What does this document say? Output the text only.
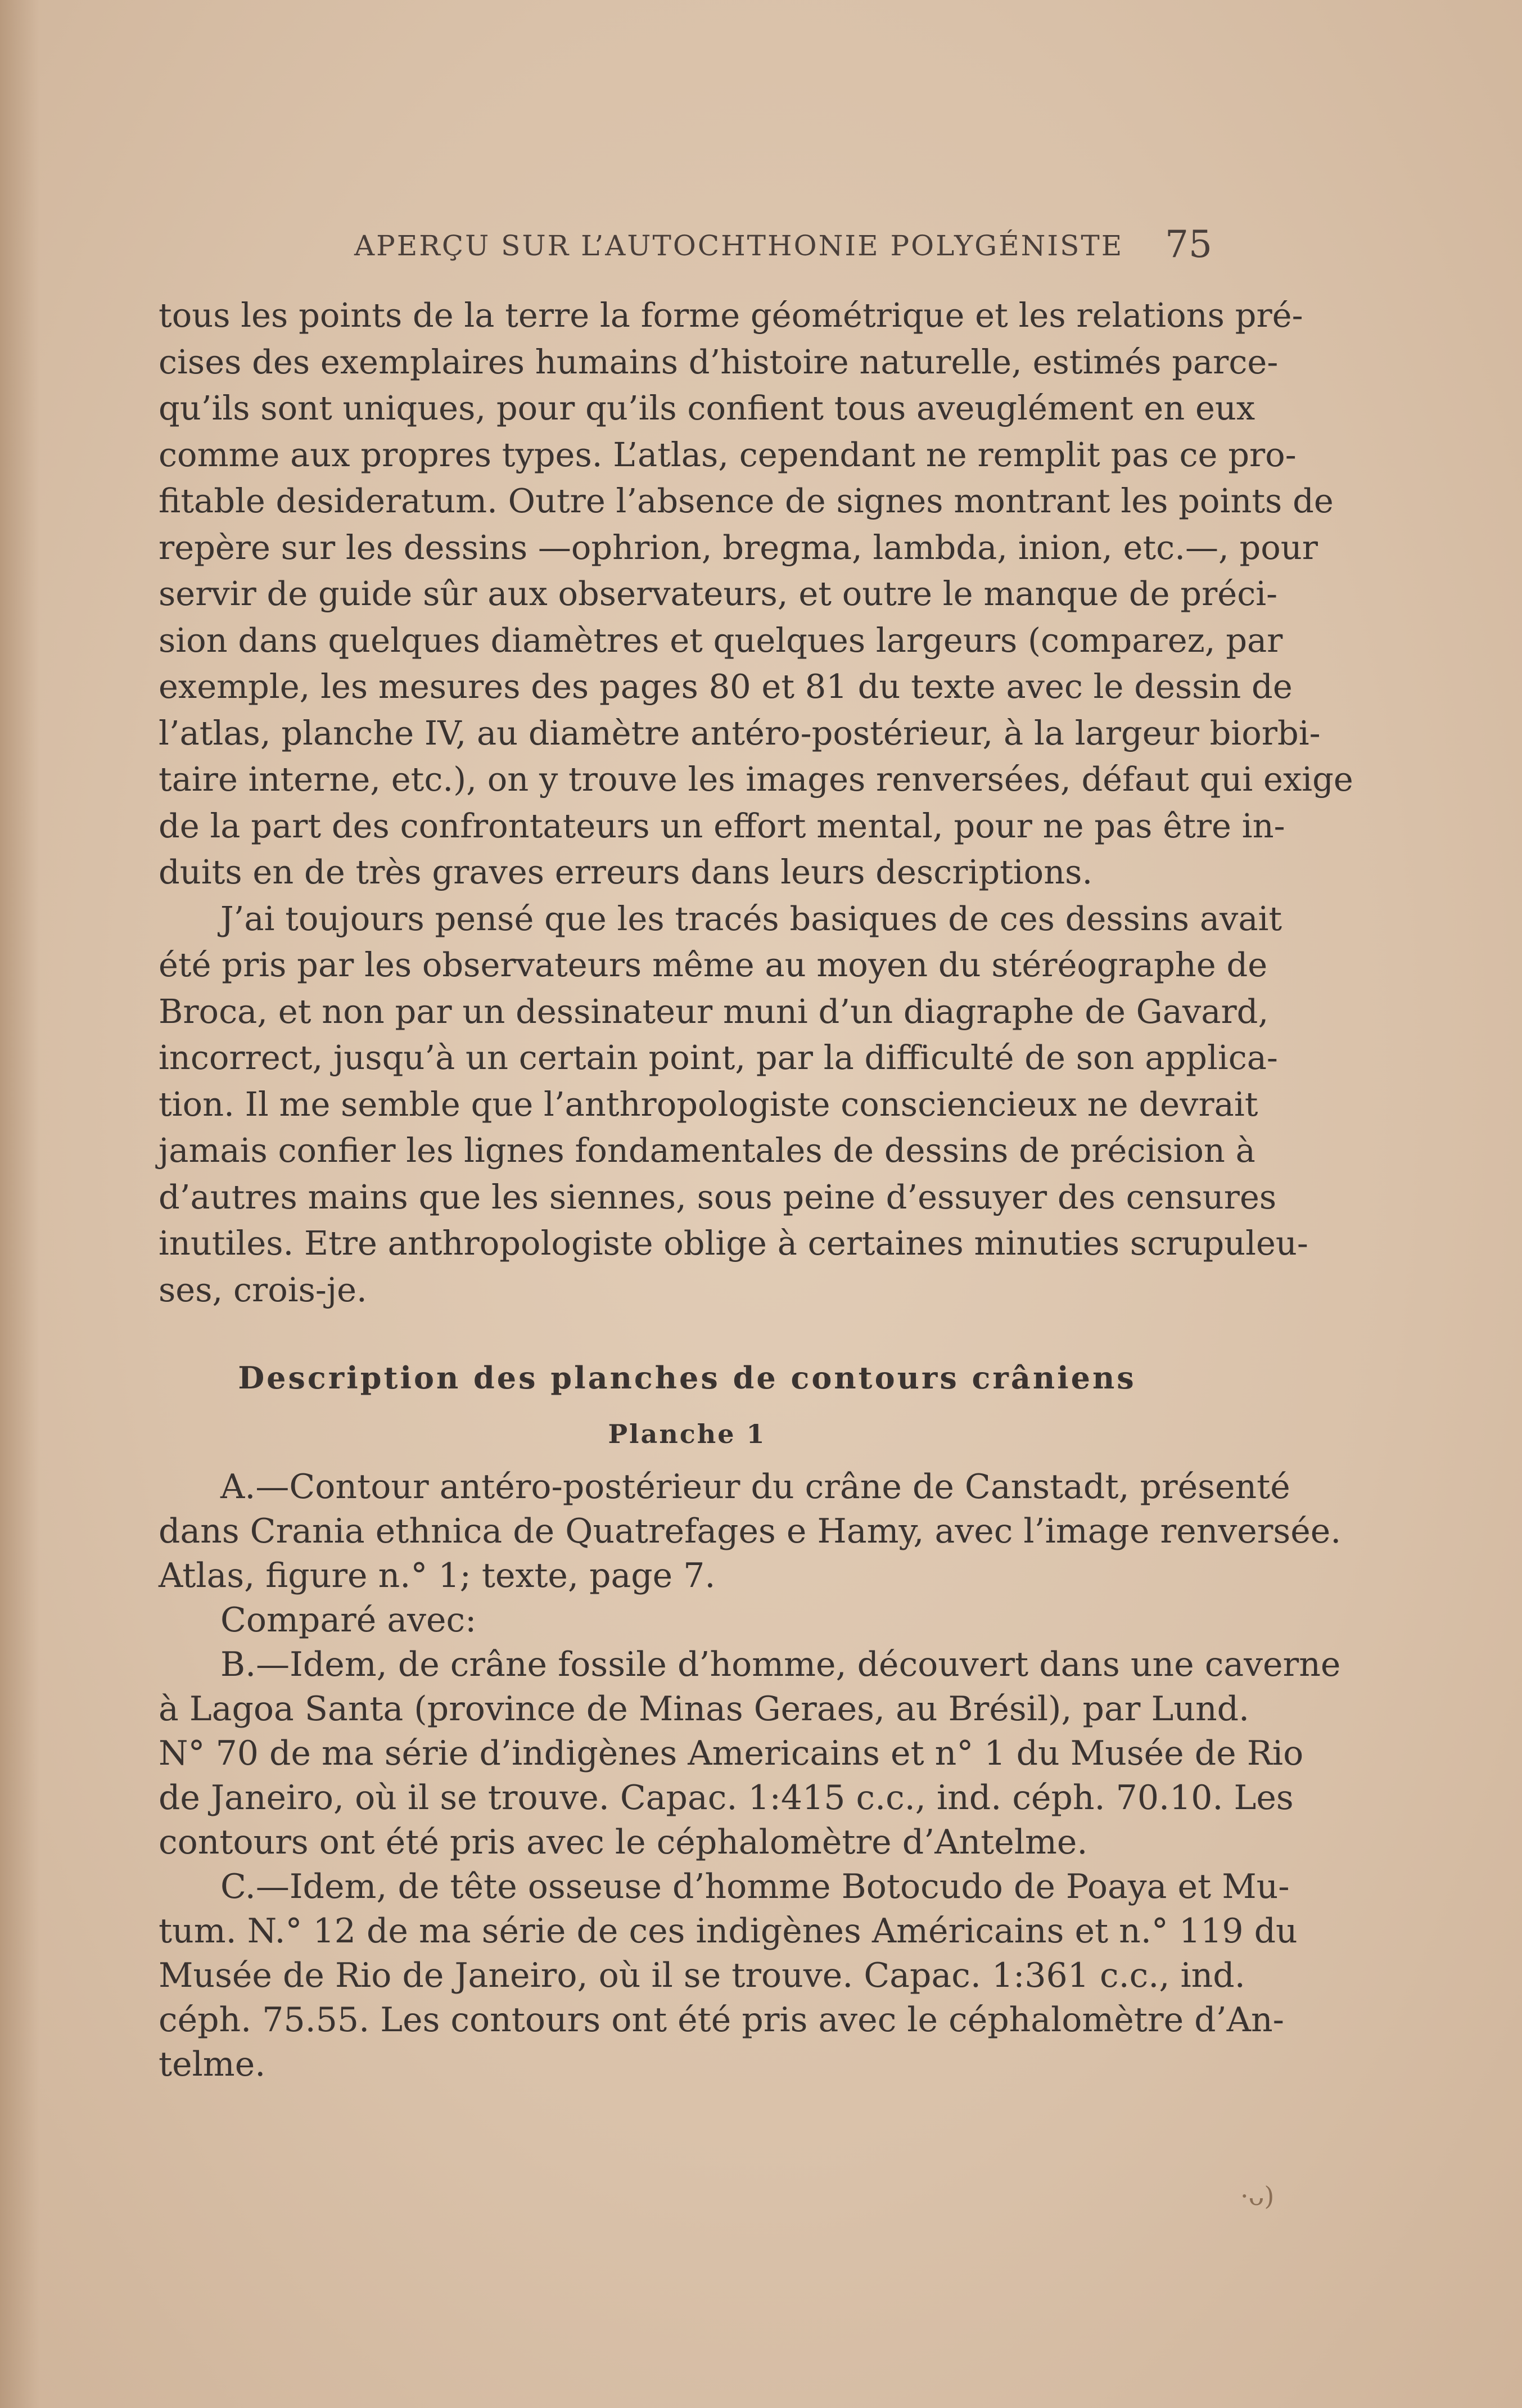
APERÇU SUR L’AUTOCHTHONIE POLYGÉNISTE	75
tous les points de la terre la forme géométrique et les relations pré-
cises des exemplaires humains d’histoire naturelle, estimés parce-
qu’ils sont uniques, pour qu’ils confient tous aveuglément en eux
comme aux propres types. L’atlas, cependant ne remplit pas ce pro-
fitable desideratum. Outre l’absence de signes montrant les points de
repère sur les dessins —ophrion, bregma, lambda, inion, etc.—, pour
servir de guide sûr aux observateurs, et outre le manque de préci-
sion dans quelques diamètres et quelques largeurs (comparez, par
exemple, les mesures des pages 80 et 81 du texte avec le dessin de
l’atlas, planche IV, au diamètre antéro-postérieur, à la largeur biorbi-
taire interne, etc.), on y trouve les images renversées, défaut qui exige
de la part des confrontateurs un effort mental, pour ne pas être in-
duits en de très graves erreurs dans leurs descriptions.
J’ai toujours pensé que les tracés basiques de ces dessins avait
été pris par les observateurs même au moyen du stéréographe de
Broca, et non par un dessinateur muni d’un diagraphe de Gavard,
incorrect, jusqu’à un certain point, par la difficulté de son applica-
tion. Il me semble que l’anthropologiste consciencieux ne devrait
jamais confier les lignes fondamentales de dessins de précision à
d’autres mains que les siennes, sous peine d’essuyer des censures
inutiles. Etre anthropologiste oblige à certaines minuties scrupuleu-
ses, crois-je.
Description des planches de contours crâniens
Planche 1
A.—Contour antéro-postérieur du crâne de Canstadt, présenté
dans Crania ethnica de Quatrefages e Hamy, avec l’image renversée.
Atlas, figure n.° 1; texte, page 7.
Comparé avec:
B.—Idem, de crâne fossile d’homme, découvert dans une caverne
à Lagoa Santa (province de Minas Geraes, au Brésil), par Lund.
N° 70 de ma série d’indigènes Americains et n° 1 du Musée de Rio
de Janeiro, où il se trouve. Capac. 1:415 c.c., ind. céph. 70.10. Les
contours ont été pris avec le céphalomètre d’Antelme.
C.—Idem, de tête osseuse d’homme Botocudo de Poaya et Mu-
tum. N.° 12 de ma série de ces indigènes Américains et n.° 119 du
Musée de Rio de Janeiro, où il se trouve. Capac. 1:361 c.c., ind.
céph. 75.55. Les contours ont été pris avec le céphalomètre d’An-
telme.
·ᴗ)
